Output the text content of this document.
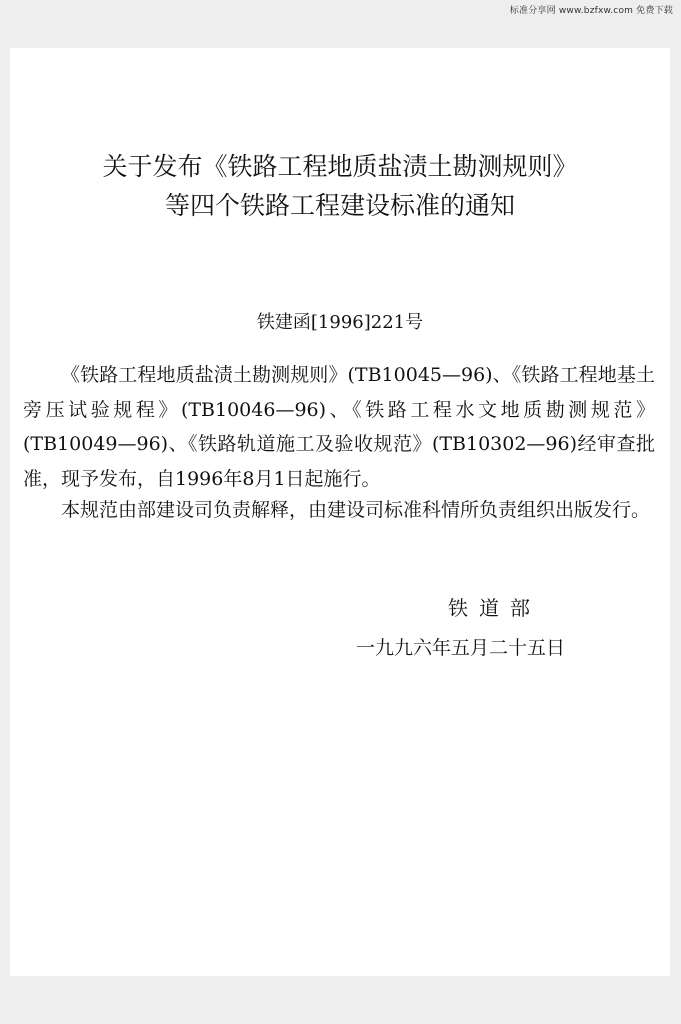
标准分享网 www.bzfxw.com 免费下载
关于发布《铁路工程地质盐渍土勘测规则》
等四个铁路工程建设标准的通知
铁建函[1996]221号

《铁路工程地质盐渍土勘测规则》(TB10045—96)、《铁路工程地基土旁压试验规程》(TB10046—96)、《铁路工程水文地质勘测规范》(TB10049—96)、《铁路轨道施工及验收规范》(TB10302—96)经审查批准，现予发布，自1996年8月1日起施行。

本规范由部建设司负责解释，由建设司标准科情所负责组织出版发行。

铁道部
一九九六年五月二十五日
